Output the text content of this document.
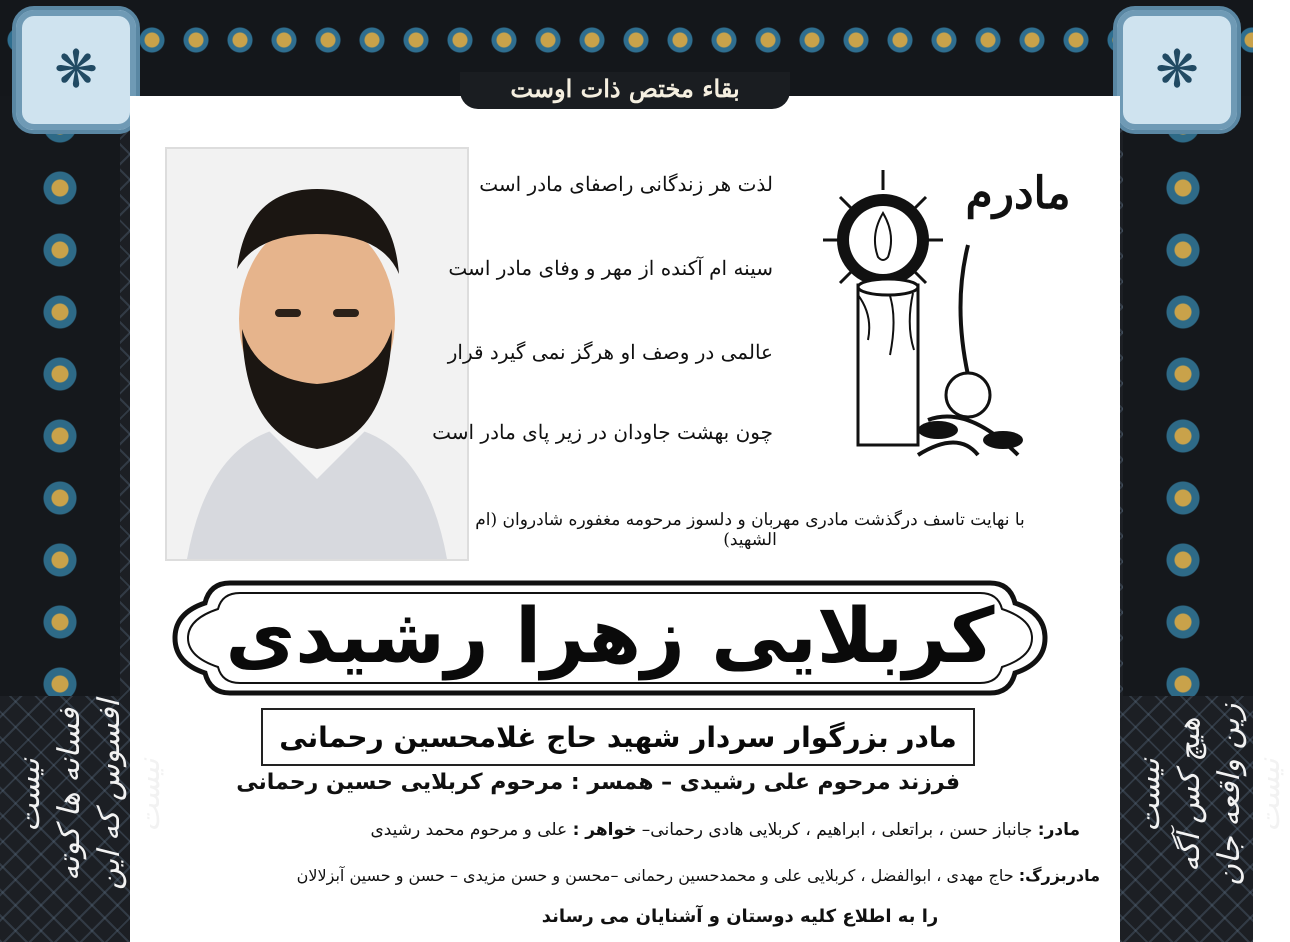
❋	❋
بقاء مختص ذات اوست
لذت هر زندگانی راصفای مادر است
سینه ام آکنده از مهر و وفای مادر است
عالمی در وصف او هرگز نمی گیرد قرار
چون بهشت جاودان در زیر پای مادر است
مادرم
با نهایت تاسف درگذشت مادری مهربان و دلسوز مرحومه مغفوره شادروان (ام الشهید)
کربلایی زهرا رشیدی
مادر بزرگوار سردار شهید حاج غلامحسین رحمانی
فرزند مرحوم علی رشیدی – همسر : مرحوم کربلایی حسین رحمانی
مادر: جانباز حسن ، براتعلی ، ابراهیم ، کربلایی هادی رحمانی– خواهر : علی و مرحوم محمد رشیدی
مادربزرگ: حاج مهدی ، ابوالفضل ، کربلایی علی و محمدحسین رحمانی –محسن و حسن مزیدی – حسن و حسین آبزلالان
را به اطلاع کلیه دوستان و آشنایان می رساند
نیست فسانه ها کوته افسوس که این نیست	نیست هیچ کس آگه زین واقعه جان نیست
